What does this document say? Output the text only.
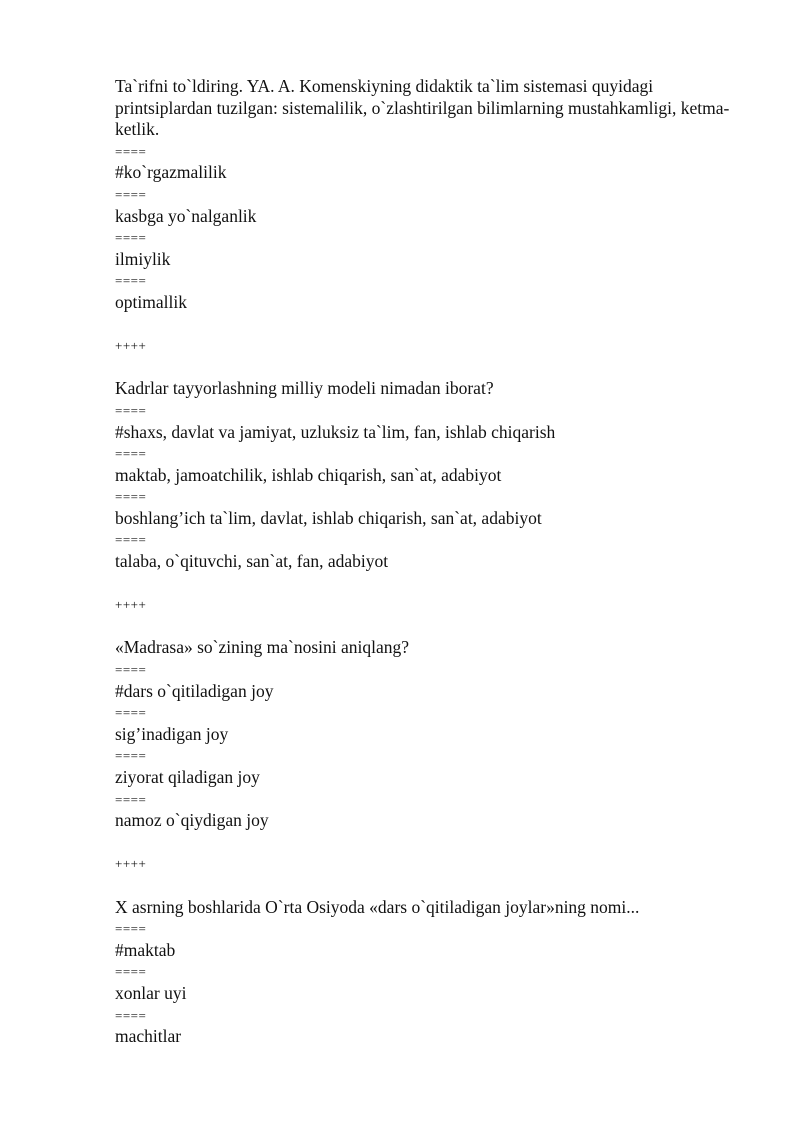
Ta`rifni to`ldiring. YA. A. Komenskiyning didaktik ta`lim sistemasi quyidagi printsiplardan tuzilgan: sistemalilik, o`zlashtirilgan bilimlarning mustahkamligi, ketma- ketlik.

====

#ko`rgazmalilik

====

kasbga yo`nalganlik

====

ilmiylik

====

optimallik

++++

Kadrlar tayyorlashning milliy modeli nimadan iborat?

====

#shaxs, davlat va jamiyat, uzluksiz ta`lim, fan, ishlab chiqarish

====

maktab, jamoatchilik, ishlab chiqarish, san`at, adabiyot

====

boshlang’ich ta`lim, davlat, ishlab chiqarish, san`at, adabiyot

====

talaba, o`qituvchi, san`at, fan, adabiyot

++++

«Madrasa» so`zining ma`nosini aniqlang?

====

#dars o`qitiladigan joy

====

sig’inadigan joy

====

ziyorat qiladigan joy

====

namoz o`qiydigan joy

++++

X asrning boshlarida O`rta Osiyoda «dars o`qitiladigan joylar»ning nomi...

====

#maktab

====

xonlar uyi

====

machitlar
